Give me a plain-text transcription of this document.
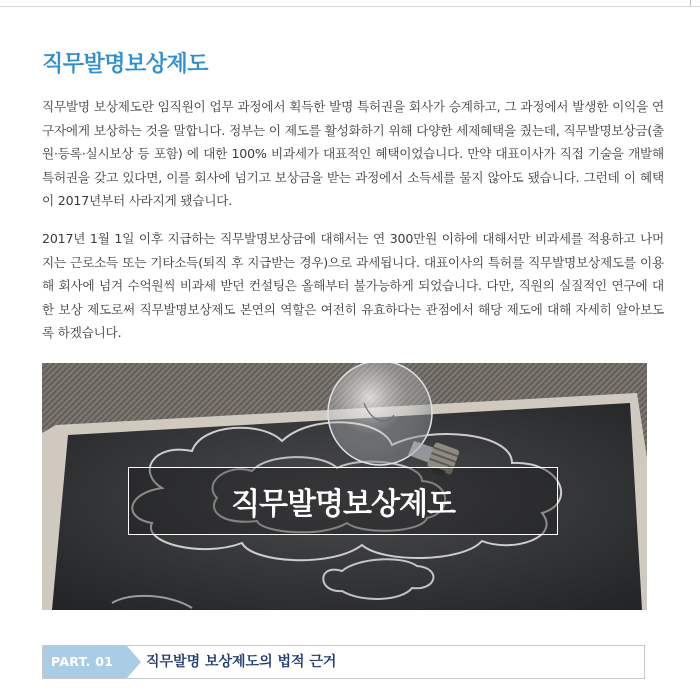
직무발명보상제도

직무발명 보상제도란 임직원이 업무 과정에서 획득한 발명 특허권을 회사가 승계하고, 그 과정에서 발생한 이익을 연구자에게 보상하는 것을 말합니다. 정부는 이 제도를 활성화하기 위해 다양한 세제혜택을 줬는데, 직무발명보상금(출원·등록·실시보상 등 포함) 에 대한 100% 비과세가 대표적인 혜택이었습니다. 만약 대표이사가 직접 기술을 개발해 특허권을 갖고 있다면, 이를 회사에 넘기고 보상금을 받는 과정에서 소득세를 물지 않아도 됐습니다. 그런데 이 혜택이 2017년부터 사라지게 됐습니다.

2017년 1월 1일 이후 지급하는 직무발명보상금에 대해서는 연 300만원 이하에 대해서만 비과세를 적용하고 나머지는 근로소득 또는 기타소득(퇴직 후 지급받는 경우)으로 과세됩니다. 대표이사의 특허를 직무발명보상제도를 이용해 회사에 넘겨 수억원씩 비과세 받던 컨설팅은 올해부터 불가능하게 되었습니다. 다만, 직원의 실질적인 연구에 대한 보상 제도로써 직무발명보상제도 본연의 역할은 여전히 유효하다는 관점에서 해당 제도에 대해 자세히 알아보도록 하겠습니다.

직무발명보상제도
PART. 01	직무발명 보상제도의 법적 근거
